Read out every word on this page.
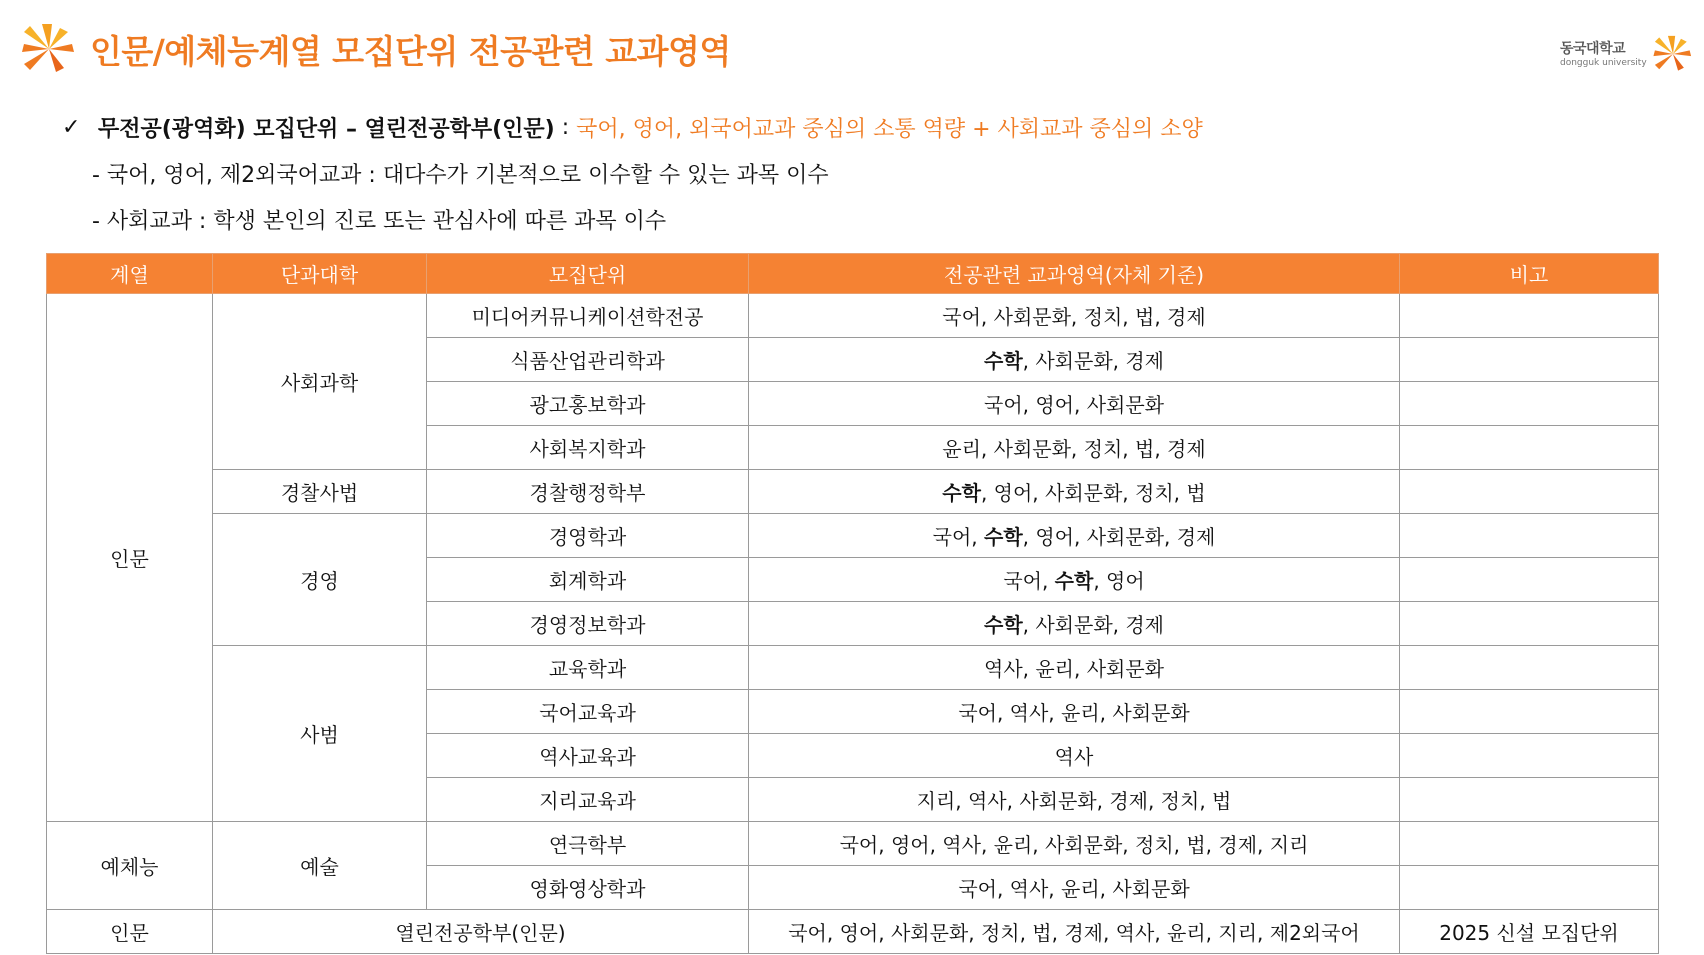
인문/예체능계열 모집단위 전공관련 교과영역	동국대학교
dongguk university
✓ 무전공(광역화) 모집단위 – 열린전공학부(인문) : 국어, 영어, 외국어교과 중심의 소통 역량 + 사회교과 중심의 소양
- 국어, 영어, 제2외국어교과 : 대다수가 기본적으로 이수할 수 있는 과목 이수
- 사회교과 : 학생 본인의 진로 또는 관심사에 따른 과목 이수
계열	단과대학	모집단위	전공관련 교과영역(자체 기준)	비고
인문	사회과학	미디어커뮤니케이션학전공	국어, 사회문화, 정치, 법, 경제	
		식품산업관리학과	수학, 사회문화, 경제	
		광고홍보학과	국어, 영어, 사회문화	
		사회복지학과	윤리, 사회문화, 정치, 법, 경제	
	경찰사법	경찰행정학부	수학, 영어, 사회문화, 정치, 법	
	경영	경영학과	국어, 수학, 영어, 사회문화, 경제	
		회계학과	국어, 수학, 영어	
		경영정보학과	수학, 사회문화, 경제	
	사범	교육학과	역사, 윤리, 사회문화	
		국어교육과	국어, 역사, 윤리, 사회문화	
		역사교육과	역사	
		지리교육과	지리, 역사, 사회문화, 경제, 정치, 법	
예체능	예술	연극학부	국어, 영어, 역사, 윤리, 사회문화, 정치, 법, 경제, 지리	
		영화영상학과	국어, 역사, 윤리, 사회문화	
인문	열린전공학부(인문)		국어, 영어, 사회문화, 정치, 법, 경제, 역사, 윤리, 지리, 제2외국어	2025 신설 모집단위
